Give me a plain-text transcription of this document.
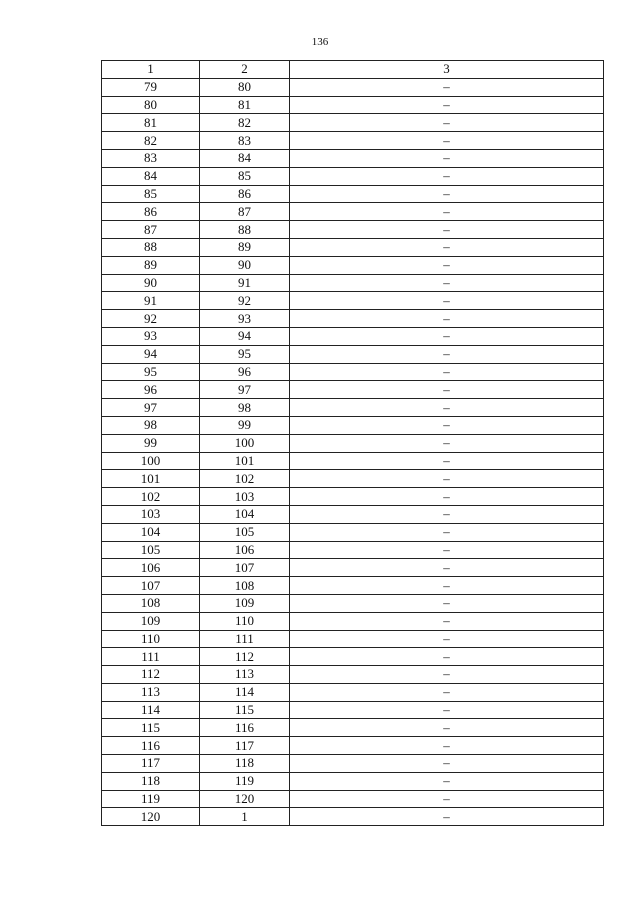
136
1	2	3
79	80	–
80	81	–
81	82	–
82	83	–
83	84	–
84	85	–
85	86	–
86	87	–
87	88	–
88	89	–
89	90	–
90	91	–
91	92	–
92	93	–
93	94	–
94	95	–
95	96	–
96	97	–
97	98	–
98	99	–
99	100	–
100	101	–
101	102	–
102	103	–
103	104	–
104	105	–
105	106	–
106	107	–
107	108	–
108	109	–
109	110	–
110	111	–
111	112	–
112	113	–
113	114	–
114	115	–
115	116	–
116	117	–
117	118	–
118	119	–
119	120	–
120	1	–
